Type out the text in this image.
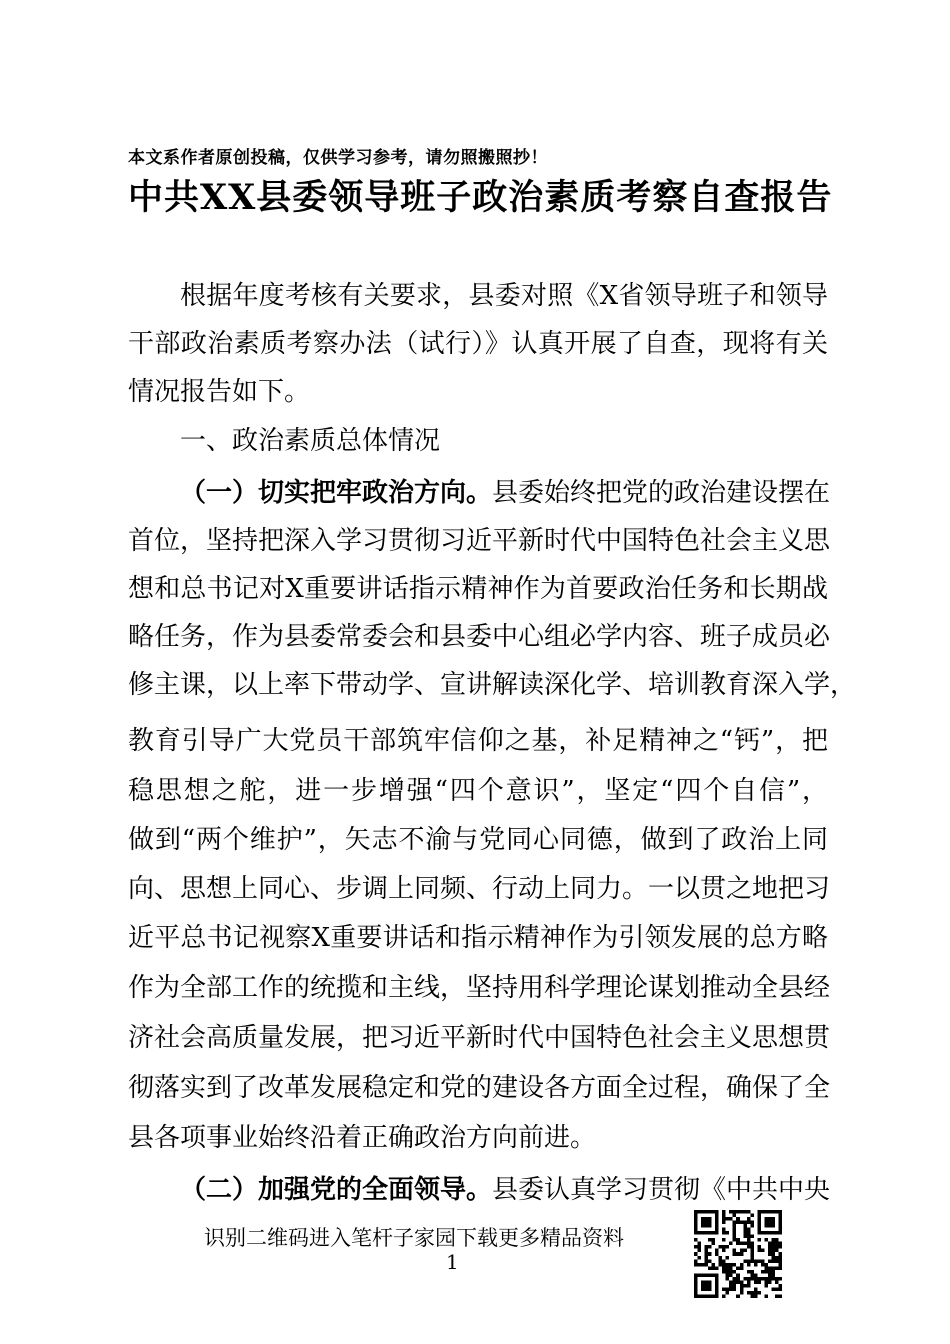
本文系作者原创投稿，仅供学习参考，请勿照搬照抄！
中共XX县委领导班子政治素质考察自查报告
根据年度考核有关要求，县委对照《X省领导班子和领导
干部政治素质考察办法（试行）》认真开展了自查，现将有关
情况报告如下。
一、政治素质总体情况
（一）切实把牢政治方向。县委始终把党的政治建设摆在
首位，坚持把深入学习贯彻习近平新时代中国特色社会主义思
想和总书记对X重要讲话指示精神作为首要政治任务和长期战
略任务，作为县委常委会和县委中心组必学内容、班子成员必
修主课，以上率下带动学、宣讲解读深化学、培训教育深入学，
教育引导广大党员干部筑牢信仰之基，补足精神之“钙”，把
稳思想之舵，进一步增强“四个意识”，坚定“四个自信”，
做到“两个维护”，矢志不渝与党同心同德，做到了政治上同
向、思想上同心、步调上同频、行动上同力。一以贯之地把习
近平总书记视察X重要讲话和指示精神作为引领发展的总方略
作为全部工作的统揽和主线，坚持用科学理论谋划推动全县经
济社会高质量发展，把习近平新时代中国特色社会主义思想贯
彻落实到了改革发展稳定和党的建设各方面全过程，确保了全
县各项事业始终沿着正确政治方向前进。
（二）加强党的全面领导。县委认真学习贯彻《中共中央
识别二维码进入笔杆子家园下载更多精品资料
1
